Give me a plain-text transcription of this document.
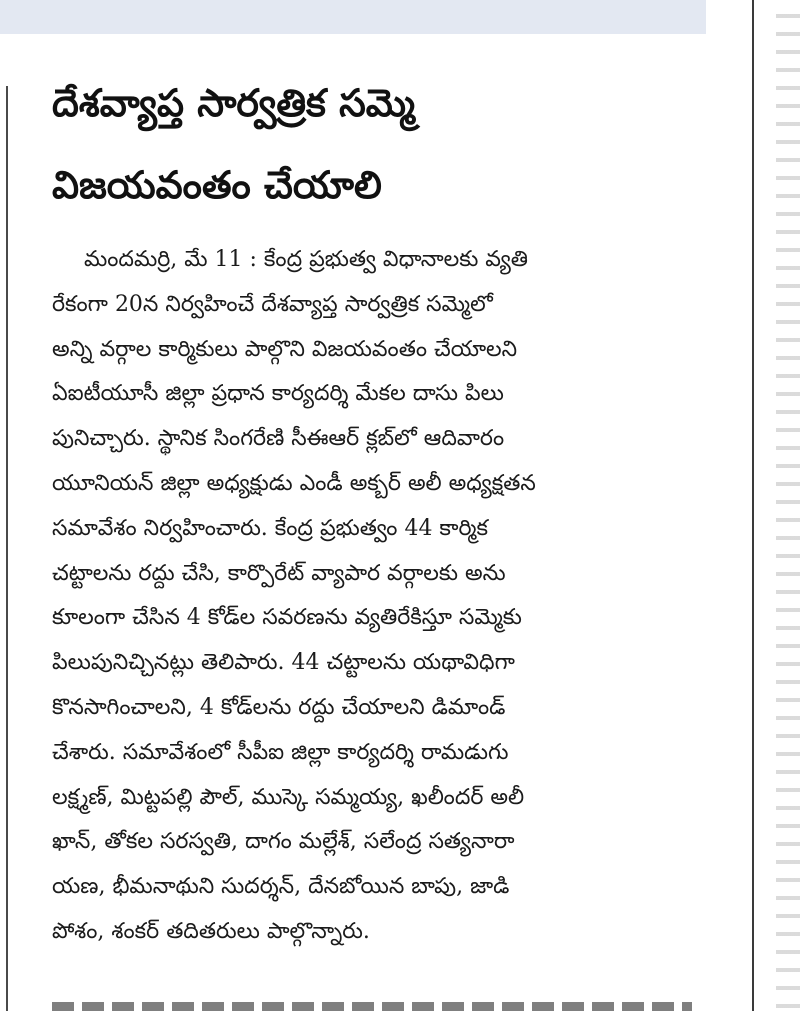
దేశవ్యాప్త సార్వత్రిక సమ్మె
విజయవంతం చేయాలి
మందమర్రి, మే 11 : కేంద్ర ప్రభుత్వ విధానాలకు వ్యతి
రేకంగా 20న నిర్వహించే దేశవ్యాప్త సార్వత్రిక సమ్మెలో
అన్ని వర్గాల కార్మికులు పాల్గొని విజయవంతం చేయాలని
ఏఐటీయూసీ జిల్లా ప్రధాన కార్యదర్శి మేకల దాసు పిలు
పునిచ్చారు. స్థానిక సింగరేణి సీఈఆర్ క్లబ్‌లో ఆదివారం
యూనియన్ జిల్లా అధ్యక్షుడు ఎండీ అక్బర్ అలీ అధ్యక్షతన
సమావేశం నిర్వహించారు. కేంద్ర ప్రభుత్వం 44 కార్మిక
చట్టాలను రద్దు చేసి, కార్పొరేట్ వ్యాపార వర్గాలకు అను
కూలంగా చేసిన 4 కోడ్‌ల సవరణను వ్యతిరేకిస్తూ సమ్మెకు
పిలుపునిచ్చినట్లు తెలిపారు. 44 చట్టాలను యథావిధిగా
కొనసాగించాలని, 4 కోడ్‌లను రద్దు చేయాలని డిమాండ్
చేశారు. సమావేశంలో సీపీఐ జిల్లా కార్యదర్శి రామడుగు
లక్ష్మణ్, మిట్టపల్లి పౌల్, ముస్కె సమ్మయ్య, ఖలీందర్ అలీ
ఖాన్, తోకల సరస్వతి, దాగం మల్లేశ్, సలేంద్ర సత్యనారా
యణ, భీమనాథుని సుదర్శన్, దేనబోయిన బాపు, జాడి
పోశం, శంకర్ తదితరులు పాల్గొన్నారు.
